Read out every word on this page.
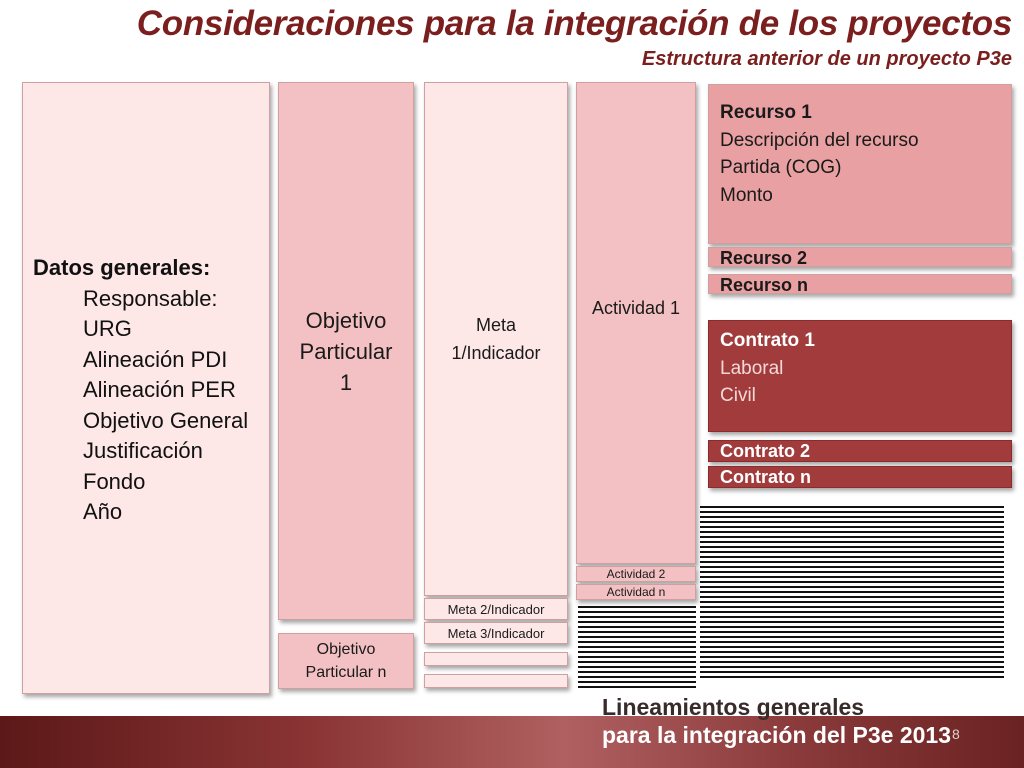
Consideraciones para la integración de los proyectos
Estructura anterior de un proyecto P3e
Datos generales:
Responsable:
URG
Alineación PDI
Alineación PER
Objetivo General
Justificación
Fondo
Año
Objetivo Particular 1
Objetivo Particular n
Meta 1/Indicador
Meta 2/Indicador
Meta 3/Indicador
Actividad 1
Actividad 2
Actividad n
Recurso 1
Descripción del recurso
Partida (COG)
Monto
Recurso 2
Recurso n
Contrato 1
Laboral
Civil
Contrato 2
Contrato n
Lineamientos generales
para la integración del P3e 2013 8
